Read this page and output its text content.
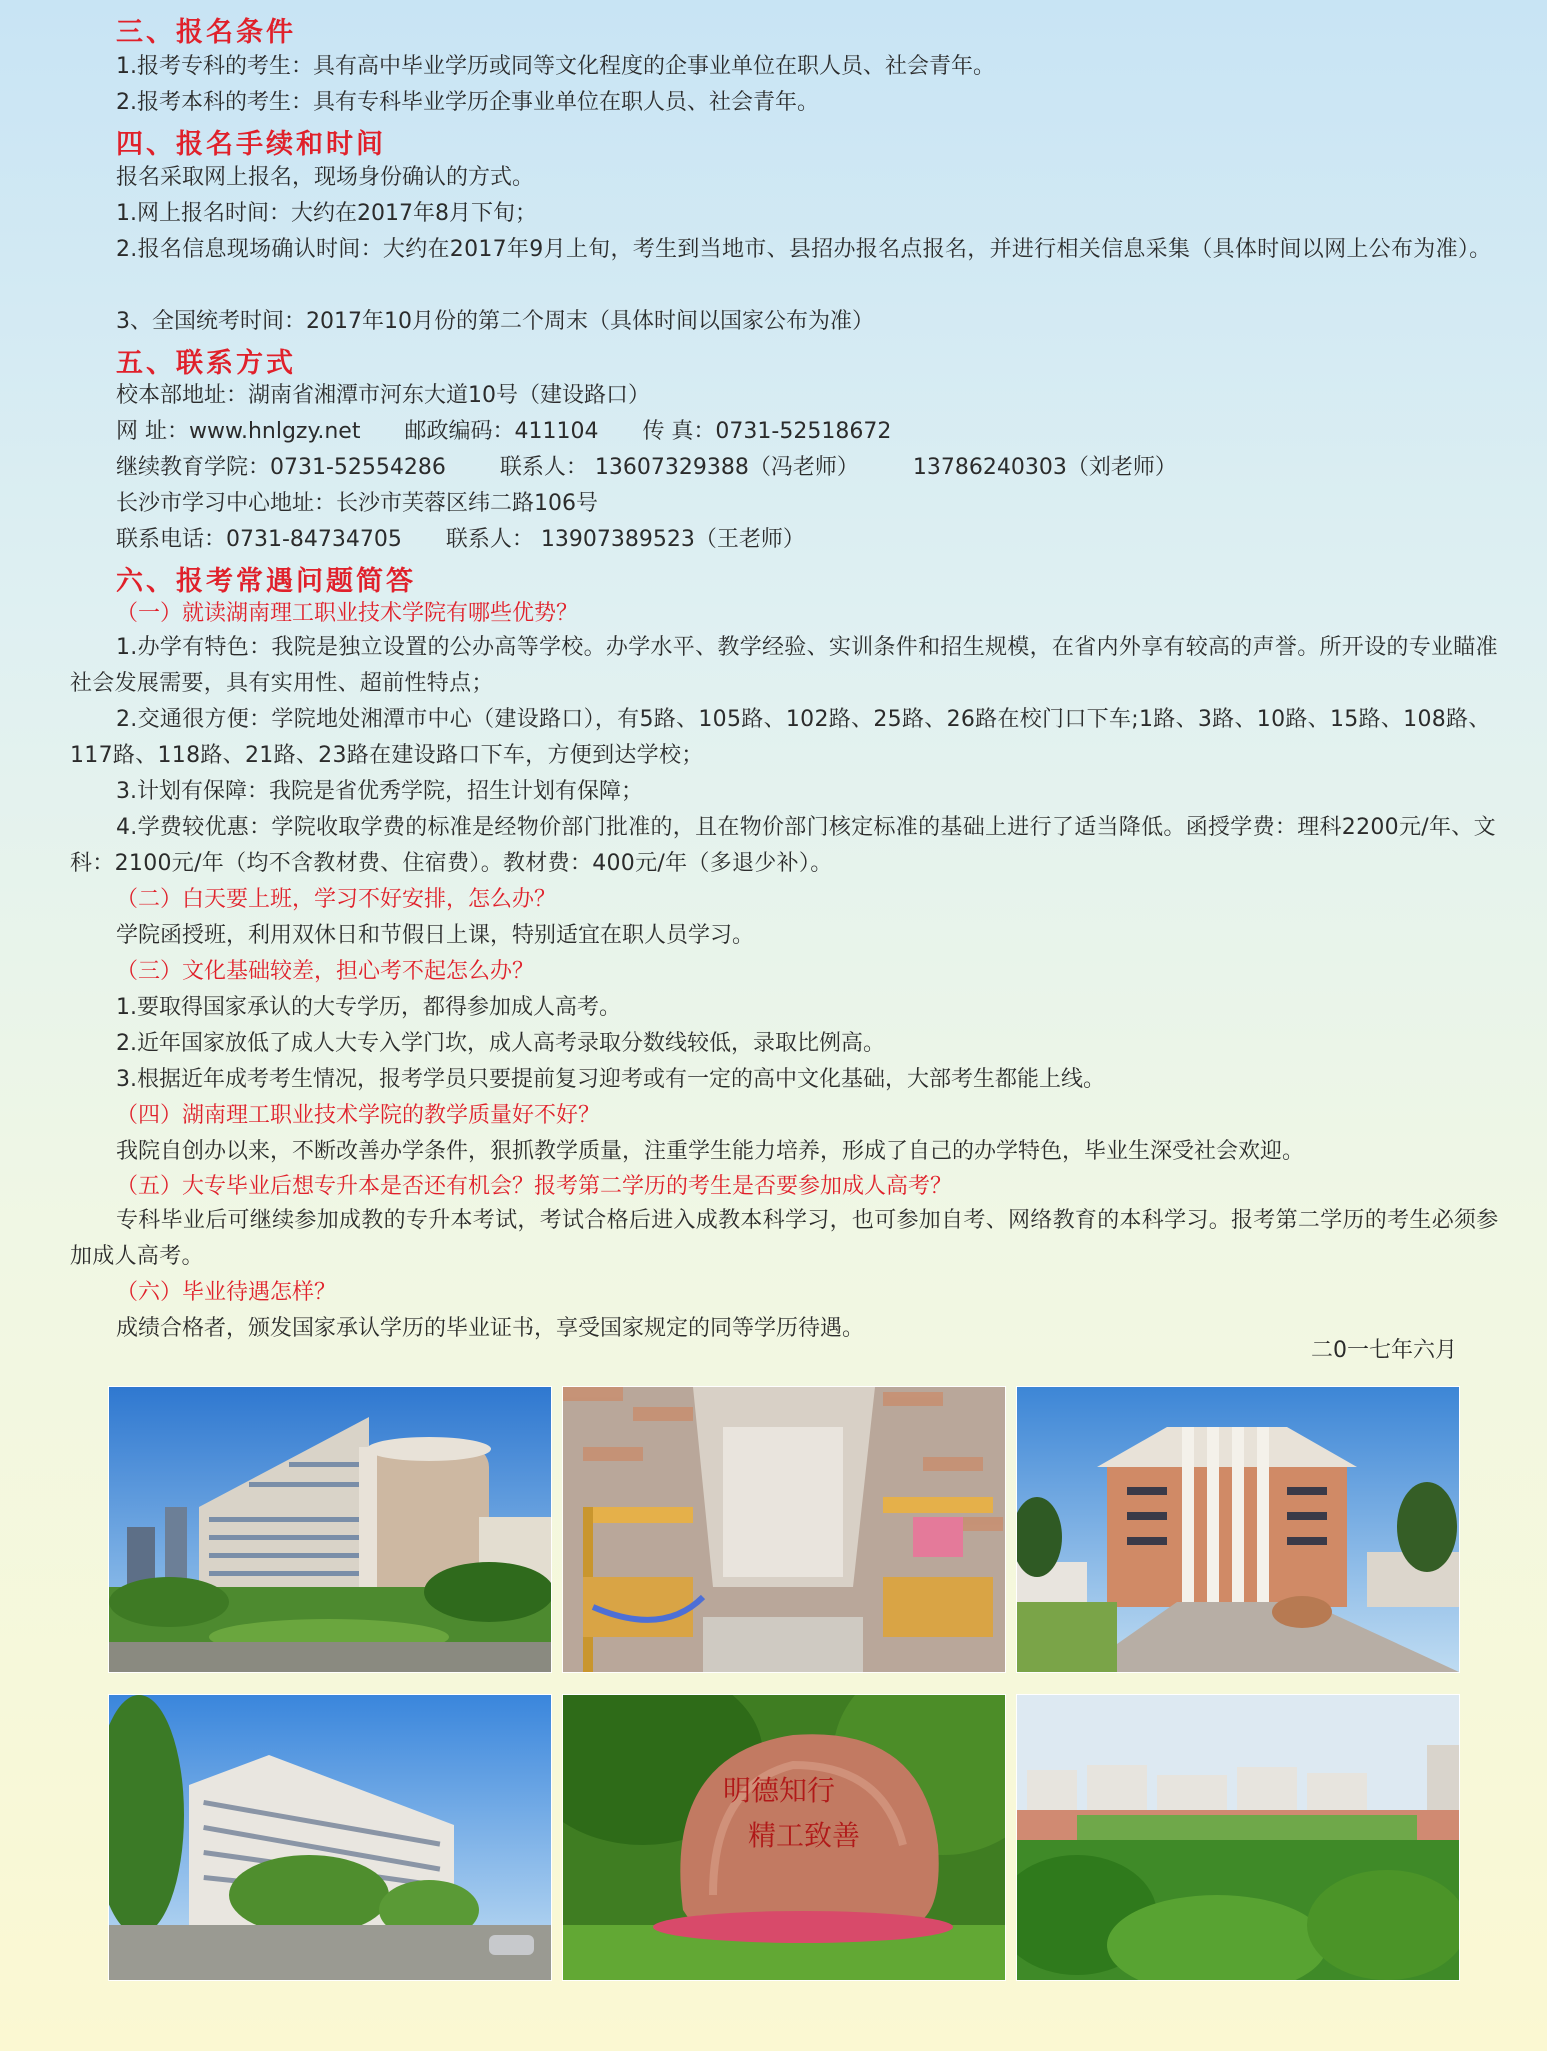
三、报名条件
1.报考专科的考生：具有高中毕业学历或同等文化程度的企事业单位在职人员、社会青年。
2.报考本科的考生：具有专科毕业学历企事业单位在职人员、社会青年。
四、报名手续和时间
报名采取网上报名，现场身份确认的方式。
1.网上报名时间：大约在2017年8月下旬；
2.报名信息现场确认时间：大约在2017年9月上旬，考生到当地市、县招办报名点报名，并进行相关信息采集（具体时间以网上公布为准）。
3、全国统考时间：2017年10月份的第二个周末（具体时间以国家公布为准）
五、联系方式
校本部地址：湖南省湘潭市河东大道10号（建设路口）
网 址：www.hnlgzy.net 邮政编码：411104 传 真：0731-52518672
继续教育学院：0731-52554286 联系人： 13607329388（冯老师） 13786240303（刘老师）
长沙市学习中心地址：长沙市芙蓉区纬二路106号
联系电话：0731-84734705 联系人： 13907389523（王老师）
六、报考常遇问题简答
（一）就读湖南理工职业技术学院有哪些优势？
1.办学有特色：我院是独立设置的公办高等学校。办学水平、教学经验、实训条件和招生规模，在省内外享有较高的声誉。所开设的专业瞄准社会发展需要，具有实用性、超前性特点；
2.交通很方便：学院地处湘潭市中心（建设路口），有5路、105路、102路、25路、26路在校门口下车;1路、3路、10路、15路、108路、117路、118路、21路、23路在建设路口下车，方便到达学校；
3.计划有保障：我院是省优秀学院，招生计划有保障；
4.学费较优惠：学院收取学费的标准是经物价部门批准的，且在物价部门核定标准的基础上进行了适当降低。函授学费：理科2200元/年、文科：2100元/年（均不含教材费、住宿费）。教材费：400元/年（多退少补）。
（二）白天要上班，学习不好安排，怎么办？
学院函授班，利用双休日和节假日上课，特别适宜在职人员学习。
（三）文化基础较差，担心考不起怎么办？
1.要取得国家承认的大专学历，都得参加成人高考。
2.近年国家放低了成人大专入学门坎，成人高考录取分数线较低，录取比例高。
3.根据近年成考考生情况，报考学员只要提前复习迎考或有一定的高中文化基础，大部考生都能上线。
（四）湖南理工职业技术学院的教学质量好不好？
我院自创办以来，不断改善办学条件，狠抓教学质量，注重学生能力培养，形成了自己的办学特色，毕业生深受社会欢迎。
（五）大专毕业后想专升本是否还有机会？报考第二学历的考生是否要参加成人高考？
专科毕业后可继续参加成教的专升本考试，考试合格后进入成教本科学习，也可参加自考、网络教育的本科学习。报考第二学历的考生必须参加成人高考。
（六）毕业待遇怎样？
成绩合格者，颁发国家承认学历的毕业证书，享受国家规定的同等学历待遇。
二0一七年六月
明德知行
精工致善
